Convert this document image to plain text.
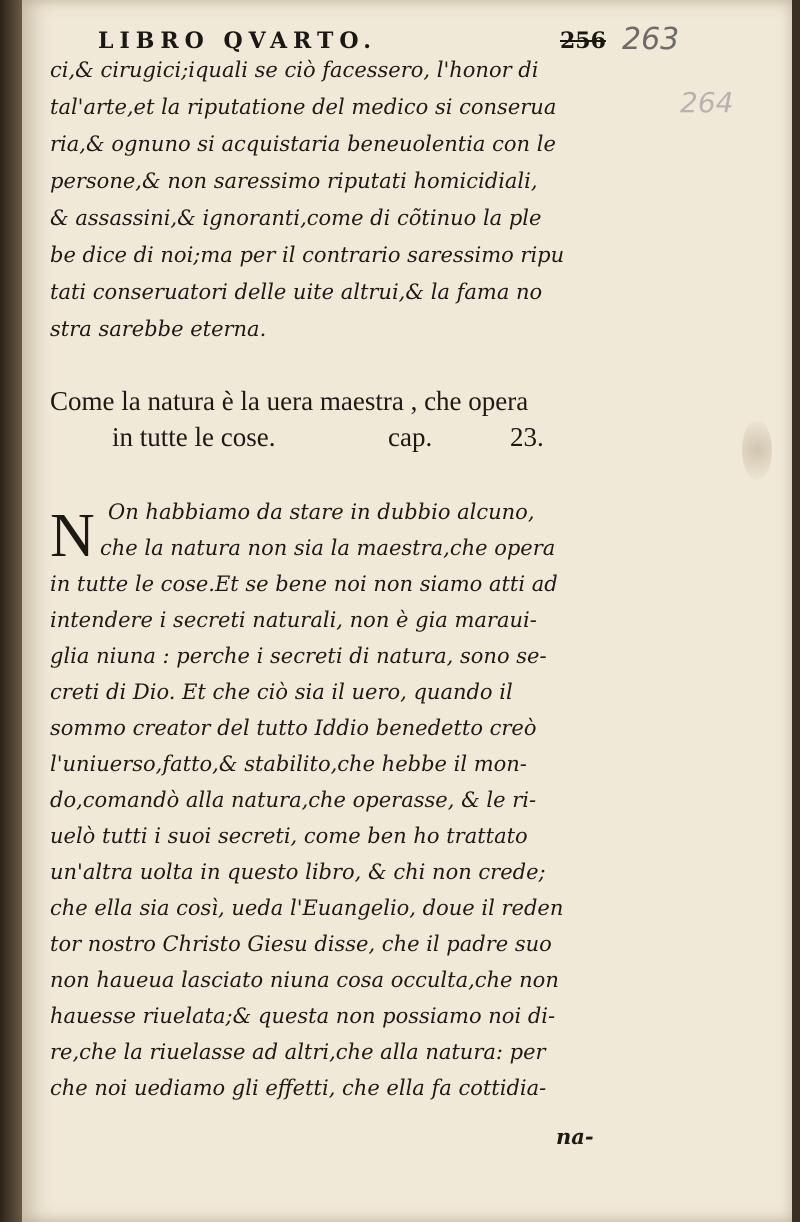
LIBRO QVARTO.	256 263
264
ci,& cirugici;iquali se ciò facessero, l'honor di
tal'arte,et la riputatione del medico si conserua
ria,& ognuno si acquistaria beneuolentia con le
persone,& non saressimo riputati homicidiali,
& assassini,& ignoranti,come di cõtinuo la ple
be dice di noi;ma per il contrario saressimo ripu
tati conseruatori delle uite altrui,& la fama no
stra sarebbe eterna.
Come la natura è la uera maestra , che opera
in tutte le cose.	cap.	23.
N On habbiamo da stare in dubbio alcuno,
che la natura non sia la maestra,che opera
in tutte le cose.Et se bene noi non siamo atti ad
intendere i secreti naturali, non è gia maraui-
glia niuna : perche i secreti di natura, sono se-
creti di Dio. Et che ciò sia il uero, quando il
sommo creator del tutto Iddio benedetto creò
l'uniuerso,fatto,& stabilito,che hebbe il mon-
do,comandò alla natura,che operasse, & le ri-
uelò tutti i suoi secreti, come ben ho trattato
un'altra uolta in questo libro, & chi non crede;
che ella sia così, ueda l'Euangelio, doue il reden
tor nostro Christo Giesu disse, che il padre suo
non haueua lasciato niuna cosa occulta,che non
hauesse riuelata;& questa non possiamo noi di-
re,che la riuelasse ad altri,che alla natura: per
che noi uediamo gli effetti, che ella fa cottidia-
na-
